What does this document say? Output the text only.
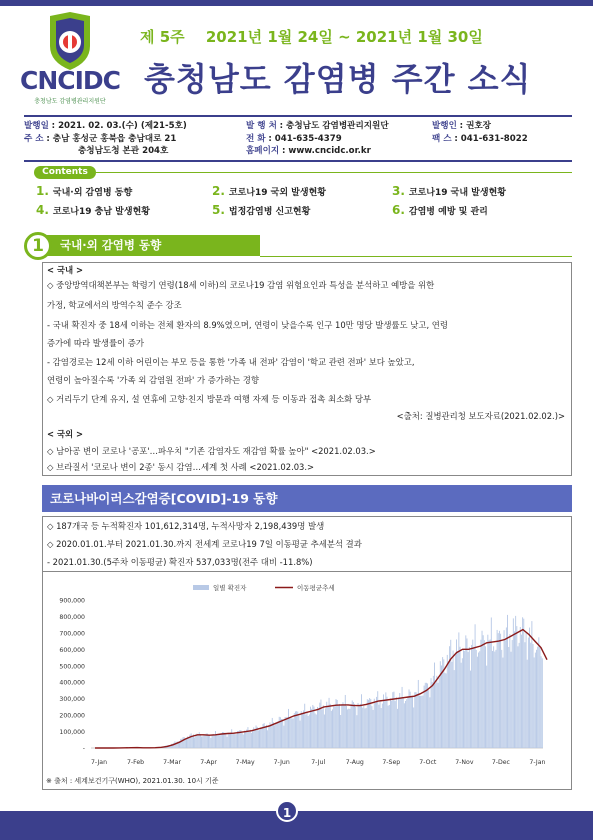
CNCIDC
충청남도 감염병관리지원단
제 5주 2021년 1월 24일 ~ 2021년 1월 30일
충청남도 감염병 주간 소식
발행일 : 2021. 02. 03.(수) (제21-5호)	발 행 처 : 충청남도 감염병관리지원단	발행인 : 권호장
주 소 : 충남 홍성군 홍북읍 충남대로 21	전 화 : 041-635-4379	팩 스 : 041-631-8022
충청남도청 본관 204호	홈페이지 : www.cncidc.or.kr
Contents
1. 국내·외 감염병 동향	2. 코로나19 국외 발생현황	3. 코로나19 국내 발생현황
4. 코로나19 충남 발생현황	5. 법정감염병 신고현황	6. 감염병 예방 및 관리
국내·외 감염병 동향
1

< 국내 >

◇ 중앙방역대책본부는 학령기 연령(18세 이하)의 코로나19 감염 위험요인과 특성을 분석하고 예방을 위한

가정, 학교에서의 방역수칙 준수 강조

- 국내 확진자 중 18세 이하는 전체 환자의 8.9%였으며, 연령이 낮을수록 인구 10만 명당 발생률도 낮고, 연령

증가에 따라 발생률이 증가

- 감염경로는 12세 이하 어린이는 부모 등을 통한 '가족 내 전파' 감염이 '학교 관련 전파' 보다 높았고,

연령이 높아질수록 '가족 외 감염원 전파' 가 증가하는 경향

◇ 거리두기 단계 유지, 설 연휴에 고향·친지 방문과 여행 자제 등 이동과 접촉 최소화 당부

<출처: 질병관리청 보도자료(2021.02.02.)>

< 국외 >

◇ 남아공 변이 코로나 '공포'…파우치 "기존 감염자도 재감염 확률 높아" <2021.02.03.>

◇ 브라질서 '코로나 변이 2종' 동시 감염…세계 첫 사례 <2021.02.03.>

코로나바이러스감염증[COVID]-19 동향

◇ 187개국 등 누적확진자 101,612,314명, 누적사망자 2,198,439명 발생

◇ 2020.01.01.부터 2021.01.30.까지 전세계 코로나19 7일 이동평균 추세분석 결과

- 2021.01.30.(5주차 이동평균) 확진자 537,033명(전주 대비 -11.8%)

일별 확진자	이동평균추세
-
100,000
200,000
300,000
400,000
500,000
600,000
700,000
800,000
900,000
7-Jan	7-Feb	7-Mar	7-Apr	7-May	7-Jun	7-Jul	7-Aug	7-Sep	7-Oct	7-Nov	7-Dec	7-Jan
※ 출처 : 세계보건기구(WHO), 2021.01.30. 10시 기준
1
